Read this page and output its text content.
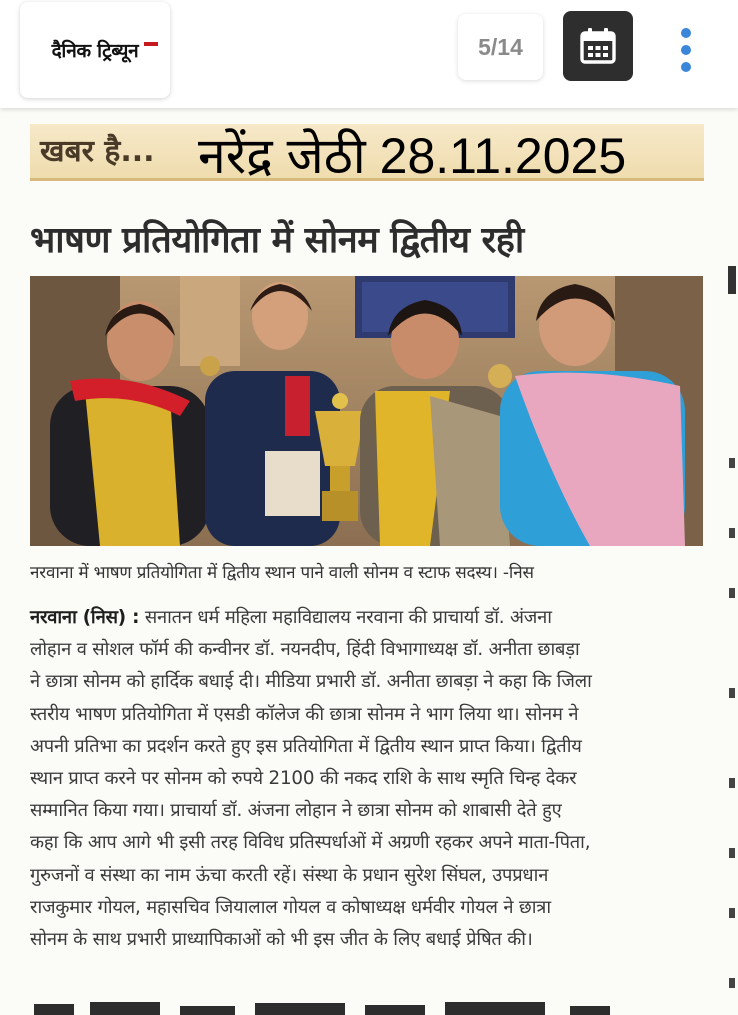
दैनिक ट्रिब्यून	5/14
खबर है... नरेंद्र जेठी 28.11.2025
भाषण प्रतियोगिता में सोनम द्वितीय रही
नरवाना में भाषण प्रतियोगिता में द्वितीय स्थान पाने वाली सोनम व स्टाफ सदस्य। -निस
नरवाना (निस) : सनातन धर्म महिला महाविद्यालय नरवाना की प्राचार्या डॉ. अंजना
लोहान व सोशल फॉर्म की कन्वीनर डॉ. नयनदीप, हिंदी विभागाध्यक्ष डॉ. अनीता छाबड़ा
ने छात्रा सोनम को हार्दिक बधाई दी। मीडिया प्रभारी डॉ. अनीता छाबड़ा ने कहा कि जिला
स्तरीय भाषण प्रतियोगिता में एसडी कॉलेज की छात्रा सोनम ने भाग लिया था। सोनम ने
अपनी प्रतिभा का प्रदर्शन करते हुए इस प्रतियोगिता में द्वितीय स्थान प्राप्त किया। द्वितीय
स्थान प्राप्त करने पर सोनम को रुपये 2100 की नकद राशि के साथ स्मृति चिन्ह देकर
सम्मानित किया गया। प्राचार्या डॉ. अंजना लोहान ने छात्रा सोनम को शाबासी देते हुए
कहा कि आप आगे भी इसी तरह विविध प्रतिस्पर्धाओं में अग्रणी रहकर अपने माता-पिता,
गुरुजनों व संस्था का नाम ऊंचा करती रहें। संस्था के प्रधान सुरेश सिंघल, उपप्रधान
राजकुमार गोयल, महासचिव जियालाल गोयल व कोषाध्यक्ष धर्मवीर गोयल ने छात्रा
सोनम के साथ प्रभारी प्राध्यापिकाओं को भी इस जीत के लिए बधाई प्रेषित की।
